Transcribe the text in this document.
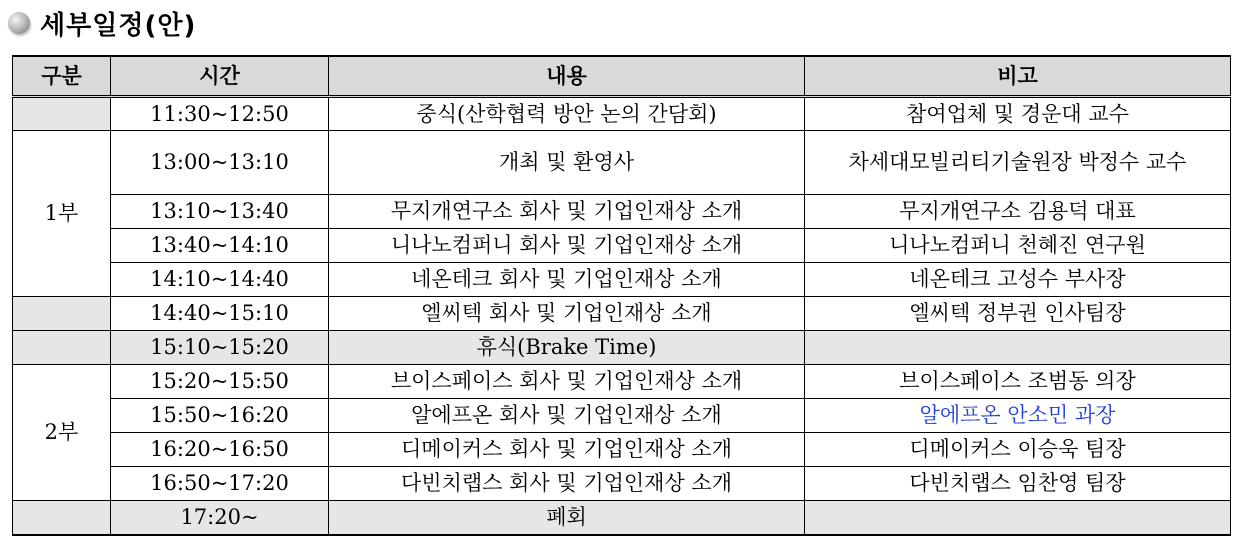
세부일정(안)
구분	시간	내용	비고
	11:30~12:50	중식(산학협력 방안 논의 간담회)	참여업체 및 경운대 교수
1부	13:00~13:10	개최 및 환영사	차세대모빌리티기술원장 박정수 교수
	13:10~13:40	무지개연구소 회사 및 기업인재상 소개	무지개연구소 김용덕 대표
	13:40~14:10	니나노컴퍼니 회사 및 기업인재상 소개	니나노컴퍼니 천혜진 연구원
	14:10~14:40	네온테크 회사 및 기업인재상 소개	네온테크 고성수 부사장
	14:40~15:10	엘씨텍 회사 및 기업인재상 소개	엘씨텍 정부권 인사팀장
	15:10~15:20	휴식(Brake Time)	
2부	15:20~15:50	브이스페이스 회사 및 기업인재상 소개	브이스페이스 조범동 의장
	15:50~16:20	알에프온 회사 및 기업인재상 소개	알에프온 안소민 과장
	16:20~16:50	디메이커스 회사 및 기업인재상 소개	디메이커스 이승욱 팀장
	16:50~17:20	다빈치랩스 회사 및 기업인재상 소개	다빈치랩스 임찬영 팀장
	17:20~	폐회	
